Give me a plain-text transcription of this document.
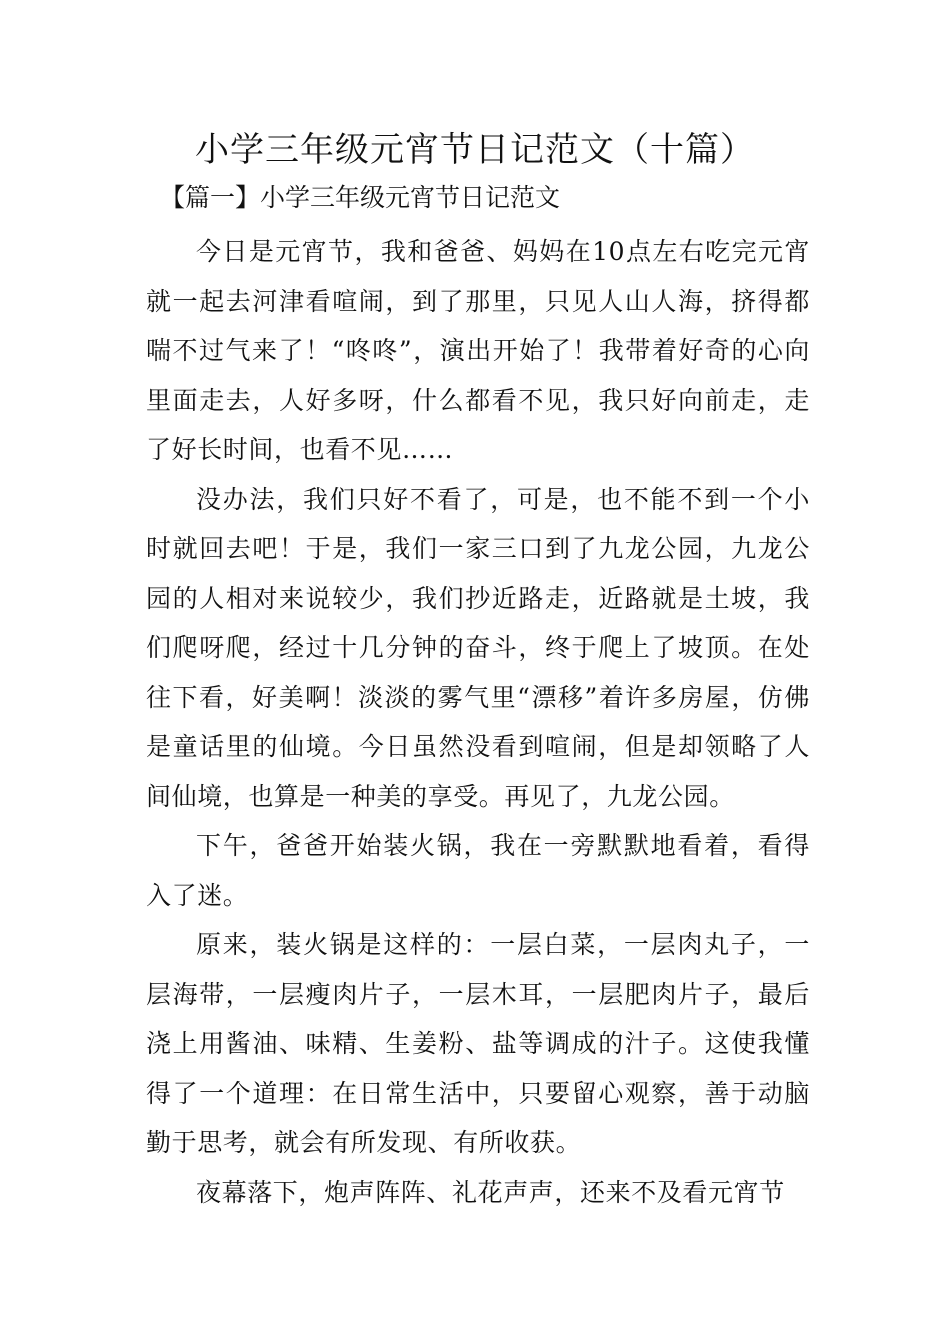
小学三年级元宵节日记范文（十篇）

【篇一】小学三年级元宵节日记范文

今日是元宵节，我和爸爸、妈妈在10点左右吃完元宵就一起去河津看喧闹，到了那里，只见人山人海，挤得都喘不过气来了！“咚咚”，演出开始了！我带着好奇的心向里面走去，人好多呀，什么都看不见，我只好向前走，走了好长时间，也看不见……

没办法，我们只好不看了，可是，也不能不到一个小时就回去吧！于是，我们一家三口到了九龙公园，九龙公园的人相对来说较少，我们抄近路走，近路就是土坡，我们爬呀爬，经过十几分钟的奋斗，终于爬上了坡顶。在处往下看，好美啊！淡淡的雾气里“漂移”着许多房屋，仿佛是童话里的仙境。今日虽然没看到喧闹，但是却领略了人间仙境，也算是一种美的享受。再见了，九龙公园。

下午，爸爸开始装火锅，我在一旁默默地看着，看得入了迷。

原来，装火锅是这样的：一层白菜，一层肉丸子，一层海带，一层瘦肉片子，一层木耳，一层肥肉片子，最后浇上用酱油、味精、生姜粉、盐等调成的汁子。这使我懂得了一个道理：在日常生活中，只要留心观察，善于动脑勤于思考，就会有所发现、有所收获。

夜幕落下，炮声阵阵、礼花声声，还来不及看元宵节
